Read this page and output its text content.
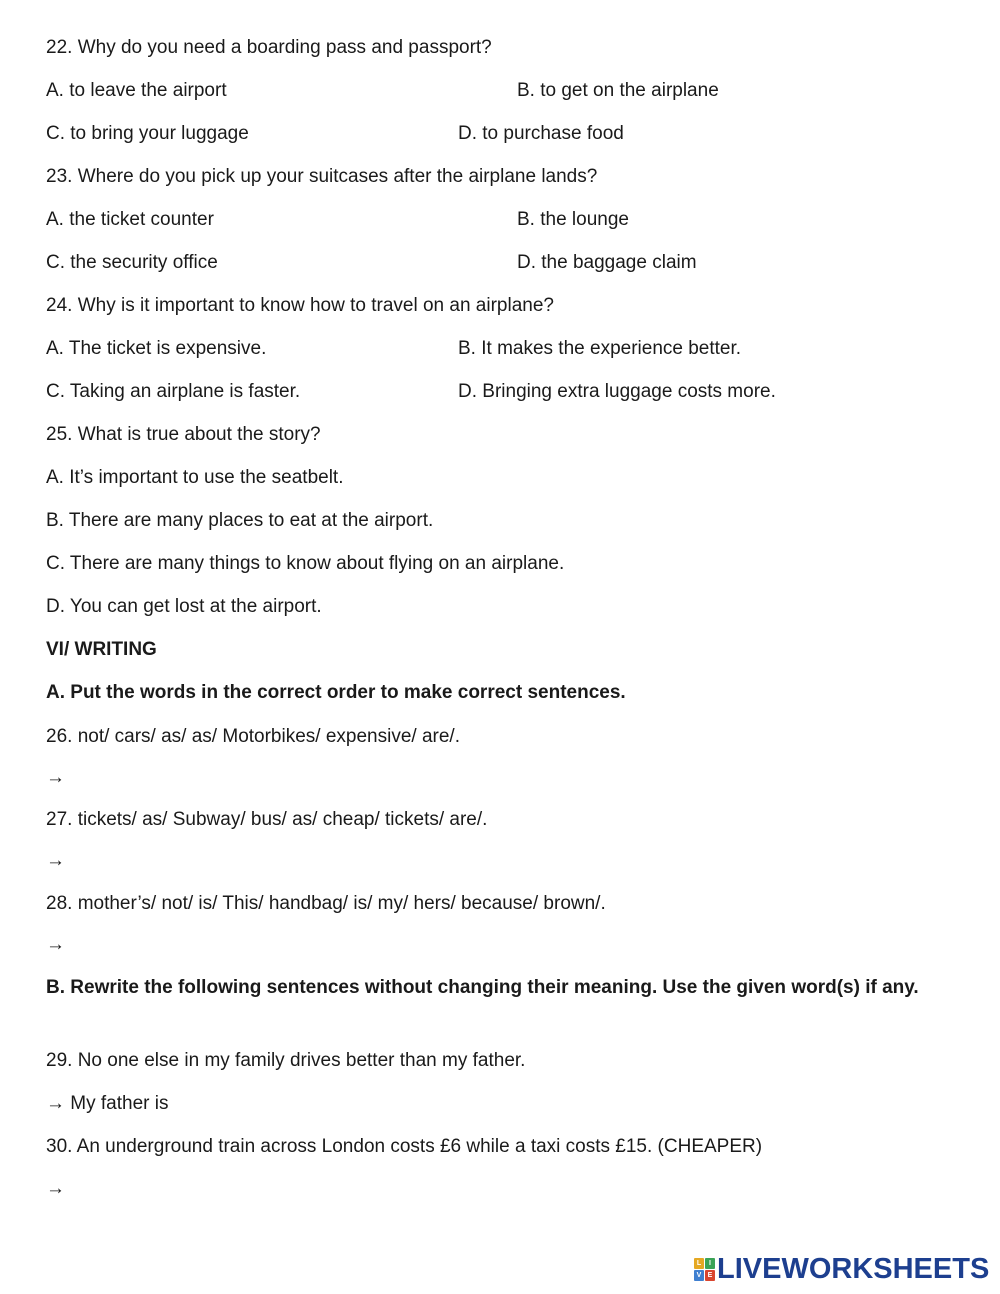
22. Why do you need a boarding pass and passport?
A. to leave the airport	B. to get on the airplane
C. to bring your luggage	D. to purchase food
23. Where do you pick up your suitcases after the airplane lands?
A. the ticket counter	B. the lounge
C. the security office	D. the baggage claim
24. Why is it important to know how to travel on an airplane?
A. The ticket is expensive.	B. It makes the experience better.
C. Taking an airplane is faster.	D. Bringing extra luggage costs more.
25. What is true about the story?
A. It’s important to use the seatbelt.
B. There are many places to eat at the airport.
C. There are many things to know about flying on an airplane.
D. You can get lost at the airport.
VI/ WRITING
A. Put the words in the correct order to make correct sentences.
26. not/ cars/ as/ as/ Motorbikes/ expensive/ are/.
→
27. tickets/ as/ Subway/ bus/ as/ cheap/ tickets/ are/.
→
28. mother’s/ not/ is/ This/ handbag/ is/ my/ hers/ because/ brown/.
→
B. Rewrite the following sentences without changing their meaning. Use the given word(s) if any.
29. No one else in my family drives better than my father.
→ My father is
30. An underground train across London costs £6 while a taxi costs £15. (CHEAPER)
→
L	I
V E LIVEWORKSHEETS
